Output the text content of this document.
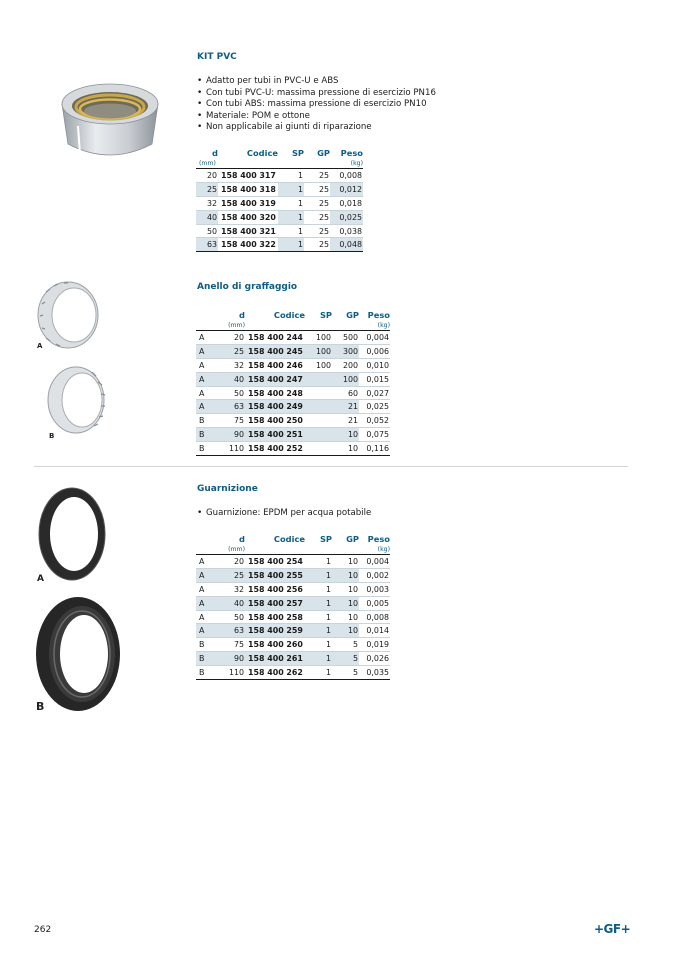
KIT PVC
• Adatto per tubi in PVC-U e ABS
• Con tubi PVC-U: massima pressione di esercizio PN16
• Con tubi ABS: massima pressione di esercizio PN10
• Materiale: POM e ottone
• Non applicabile ai giunti di riparazione
d	Codice	SP	GP	Peso
(mm)				(kg)
20	158 400 317	1	25	0,008
25	158 400 318	1	25	0,012
32	158 400 319	1	25	0,018
40	158 400 320	1	25	0,025
50	158 400 321	1	25	0,038
63	158 400 322	1	25	0,048
A
B
Anello di graffaggio
	d	Codice	SP	GP	Peso
	(mm)				(kg)
A	20	158 400 244	100	500	0,004
A	25	158 400 245	100	300	0,006
A	32	158 400 246	100	200	0,010
A	40	158 400 247		100	0,015
A	50	158 400 248		60	0,027
A	63	158 400 249		21	0,025
B	75	158 400 250		21	0,052
B	90	158 400 251		10	0,075
B	110	158 400 252		10	0,116
A
B
Guarnizione
• Guarnizione: EPDM per acqua potabile
	d	Codice	SP	GP	Peso
	(mm)				(kg)
A	20	158 400 254	1	10	0,004
A	25	158 400 255	1	10	0,002
A	32	158 400 256	1	10	0,003
A	40	158 400 257	1	10	0,005
A	50	158 400 258	1	10	0,008
A	63	158 400 259	1	10	0,014
B	75	158 400 260	1	5	0,019
B	90	158 400 261	1	5	0,026
B	110	158 400 262	1	5	0,035
262	+GF+
